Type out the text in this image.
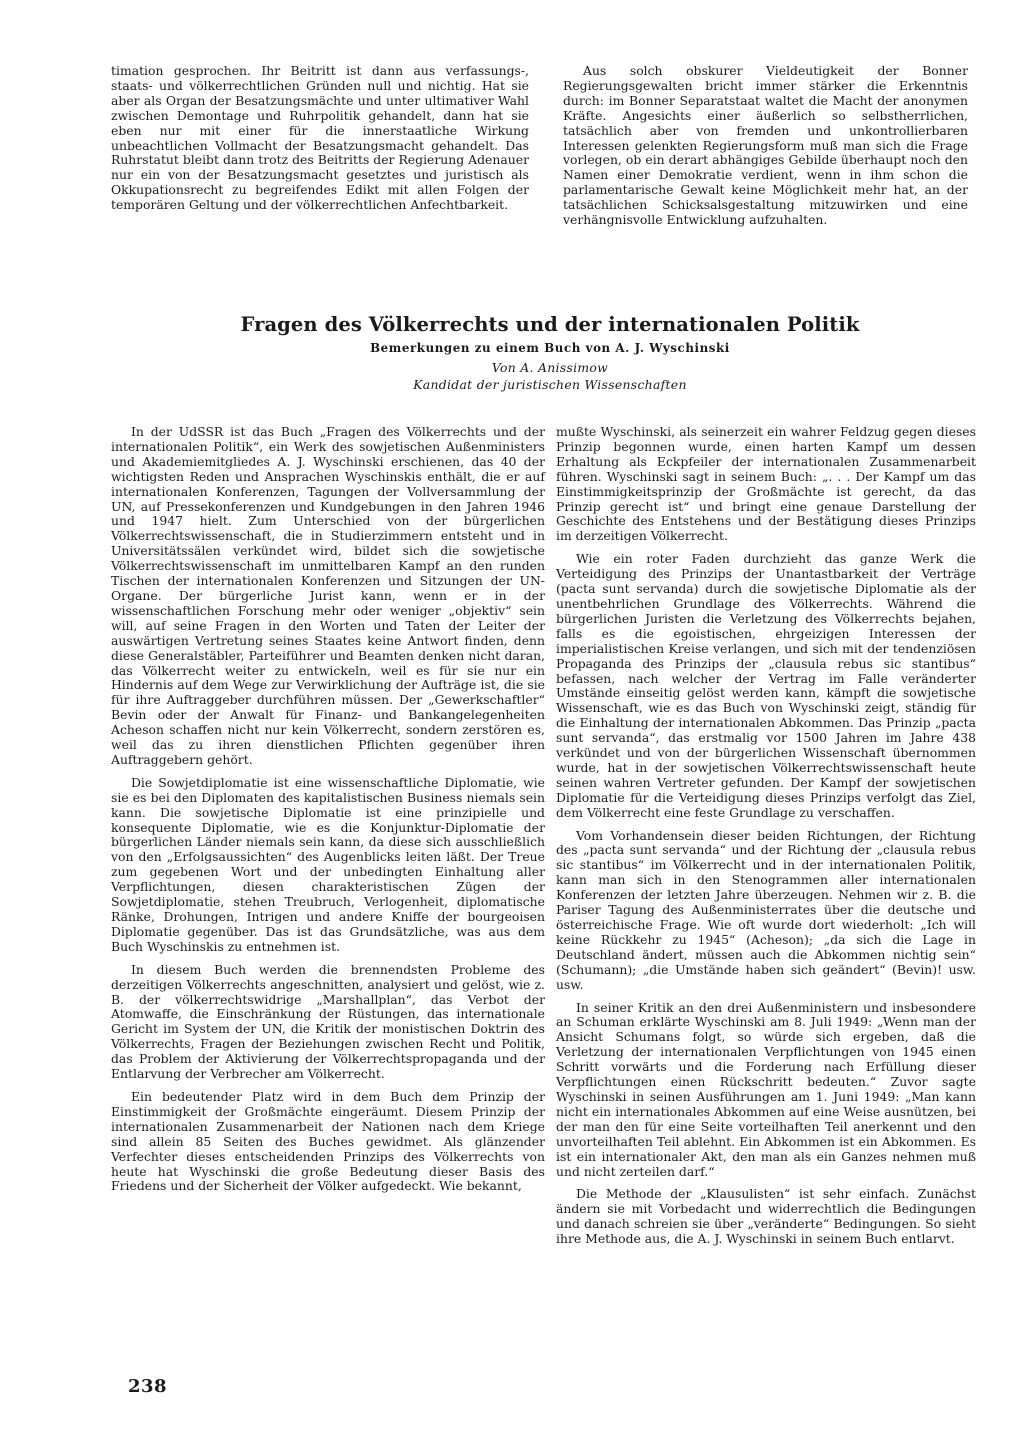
timation gesprochen. Ihr Beitritt ist dann aus verfassungs-, staats- und völkerrechtlichen Gründen null und nichtig. Hat sie aber als Organ der Besatzungsmächte und unter ultimativer Wahl zwischen Demontage und Ruhrpolitik gehandelt, dann hat sie eben nur mit einer für die innerstaatliche Wirkung unbeachtlichen Vollmacht der Besatzungsmacht gehandelt. Das Ruhrstatut bleibt dann trotz des Beitritts der Regierung Adenauer nur ein von der Besatzungsmacht gesetztes und juristisch als Okkupationsrecht zu begreifendes Edikt mit allen Folgen der temporären Geltung und der völkerrechtlichen Anfechtbarkeit.

Aus solch obskurer Vieldeutigkeit der Bonner Regierungsgewalten bricht immer stärker die Erkenntnis durch: im Bonner Separatstaat waltet die Macht der anonymen Kräfte. Angesichts einer äußerlich so selbstherrlichen, tatsächlich aber von fremden und unkontrollierbaren Interessen gelenkten Regierungsform muß man sich die Frage vorlegen, ob ein derart abhängiges Gebilde überhaupt noch den Namen einer Demokratie verdient, wenn in ihm schon die parlamentarische Gewalt keine Möglichkeit mehr hat, an der tatsächlichen Schicksalsgestaltung mitzuwirken und eine verhängnisvolle Entwicklung aufzuhalten.

Fragen des Völkerrechts und der internationalen Politik
Bemerkungen zu einem Buch von A. J. Wyschinski
Von A. Anissimow
Kandidat der juristischen Wissenschaften

In der UdSSR ist das Buch „Fragen des Völkerrechts und der internationalen Politik“, ein Werk des sowjetischen Außenministers und Akademiemitgliedes A. J. Wyschinski erschienen, das 40 der wichtigsten Reden und Ansprachen Wyschinskis enthält, die er auf internationalen Konferenzen, Tagungen der Vollversammlung der UN, auf Pressekonferenzen und Kundgebungen in den Jahren 1946 und 1947 hielt. Zum Unterschied von der bürgerlichen Völkerrechtswissenschaft, die in Studierzimmern entsteht und in Universitätssälen verkündet wird, bildet sich die sowjetische Völkerrechtswissenschaft im unmittelbaren Kampf an den runden Tischen der internationalen Konferenzen und Sitzungen der UN-Organe. Der bürgerliche Jurist kann, wenn er in der wissenschaftlichen Forschung mehr oder weniger „objektiv“ sein will, auf seine Fragen in den Worten und Taten der Leiter der auswärtigen Vertretung seines Staates keine Antwort finden, denn diese Generalstäbler, Parteiführer und Beamten denken nicht daran, das Völkerrecht weiter zu entwickeln, weil es für sie nur ein Hindernis auf dem Wege zur Verwirklichung der Aufträge ist, die sie für ihre Auftraggeber durchführen müssen. Der „Gewerkschaftler“ Bevin oder der Anwalt für Finanz- und Bankangelegenheiten Acheson schaffen nicht nur kein Völkerrecht, sondern zerstören es, weil das zu ihren dienstlichen Pflichten gegenüber ihren Auftraggebern gehört.

Die Sowjetdiplomatie ist eine wissenschaftliche Diplomatie, wie sie es bei den Diplomaten des kapitalistischen Business niemals sein kann. Die sowjetische Diplomatie ist eine prinzipielle und konsequente Diplomatie, wie es die Konjunktur-Diplomatie der bürgerlichen Länder niemals sein kann, da diese sich ausschließlich von den „Erfolgsaussichten“ des Augenblicks leiten läßt. Der Treue zum gegebenen Wort und der unbedingten Einhaltung aller Verpflichtungen, diesen charakteristischen Zügen der Sowjetdiplomatie, stehen Treubruch, Verlogenheit, diplomatische Ränke, Drohungen, Intrigen und andere Kniffe der bourgeoisen Diplomatie gegenüber. Das ist das Grundsätzliche, was aus dem Buch Wyschinskis zu entnehmen ist.

In diesem Buch werden die brennendsten Probleme des derzeitigen Völkerrechts angeschnitten, analysiert und gelöst, wie z. B. der völkerrechtswidrige „Marshallplan“, das Verbot der Atomwaffe, die Einschränkung der Rüstungen, das internationale Gericht im System der UN, die Kritik der monistischen Doktrin des Völkerrechts, Fragen der Beziehungen zwischen Recht und Politik, das Problem der Aktivierung der Völkerrechtspropaganda und der Entlarvung der Verbrecher am Völkerrecht.

Ein bedeutender Platz wird in dem Buch dem Prinzip der Einstimmigkeit der Großmächte eingeräumt. Diesem Prinzip der internationalen Zusammenarbeit der Nationen nach dem Kriege sind allein 85 Seiten des Buches gewidmet. Als glänzender Verfechter dieses entscheidenden Prinzips des Völkerrechts von heute hat Wyschinski die große Bedeutung dieser Basis des Friedens und der Sicherheit der Völker aufgedeckt. Wie bekannt,

mußte Wyschinski, als seinerzeit ein wahrer Feldzug gegen dieses Prinzip begonnen wurde, einen harten Kampf um dessen Erhaltung als Eckpfeiler der internationalen Zusammenarbeit führen. Wyschinski sagt in seinem Buch: „. . . Der Kampf um das Einstimmigkeitsprinzip der Großmächte ist gerecht, da das Prinzip gerecht ist“ und bringt eine genaue Darstellung der Geschichte des Entstehens und der Bestätigung dieses Prinzips im derzeitigen Völkerrecht.

Wie ein roter Faden durchzieht das ganze Werk die Verteidigung des Prinzips der Unantastbarkeit der Verträge (pacta sunt servanda) durch die sowjetische Diplomatie als der unentbehrlichen Grundlage des Völkerrechts. Während die bürgerlichen Juristen die Verletzung des Völkerrechts bejahen, falls es die egoistischen, ehrgeizigen Interessen der imperialistischen Kreise verlangen, und sich mit der tendenziösen Propaganda des Prinzips der „clausula rebus sic stantibus“ befassen, nach welcher der Vertrag im Falle veränderter Umstände einseitig gelöst werden kann, kämpft die sowjetische Wissenschaft, wie es das Buch von Wyschinski zeigt, ständig für die Einhaltung der internationalen Abkommen. Das Prinzip „pacta sunt servanda“, das erstmalig vor 1500 Jahren im Jahre 438 verkündet und von der bürgerlichen Wissenschaft übernommen wurde, hat in der sowjetischen Völkerrechtswissenschaft heute seinen wahren Vertreter gefunden. Der Kampf der sowjetischen Diplomatie für die Verteidigung dieses Prinzips verfolgt das Ziel, dem Völkerrecht eine feste Grundlage zu verschaffen.

Vom Vorhandensein dieser beiden Richtungen, der Richtung des „pacta sunt servanda“ und der Richtung der „clausula rebus sic stantibus“ im Völkerrecht und in der internationalen Politik, kann man sich in den Stenogrammen aller internationalen Konferenzen der letzten Jahre überzeugen. Nehmen wir z. B. die Pariser Tagung des Außenministerrates über die deutsche und österreichische Frage. Wie oft wurde dort wiederholt: „Ich will keine Rückkehr zu 1945“ (Acheson); „da sich die Lage in Deutschland ändert, müssen auch die Abkommen nichtig sein“ (Schumann); „die Umstände haben sich geändert“ (Bevin)! usw. usw.

In seiner Kritik an den drei Außenministern und insbesondere an Schuman erklärte Wyschinski am 8. Juli 1949: „Wenn man der Ansicht Schumans folgt, so würde sich ergeben, daß die Verletzung der internationalen Verpflichtungen von 1945 einen Schritt vorwärts und die Forderung nach Erfüllung dieser Verpflichtungen einen Rückschritt bedeuten.“ Zuvor sagte Wyschinski in seinen Ausführungen am 1. Juni 1949: „Man kann nicht ein internationales Abkommen auf eine Weise ausnützen, bei der man den für eine Seite vorteilhaften Teil anerkennt und den unvorteilhaften Teil ablehnt. Ein Abkommen ist ein Abkommen. Es ist ein internationaler Akt, den man als ein Ganzes nehmen muß und nicht zerteilen darf.“

Die Methode der „Klausulisten“ ist sehr einfach. Zunächst ändern sie mit Vorbedacht und widerrechtlich die Bedingungen und danach schreien sie über „veränderte“ Bedingungen. So sieht ihre Methode aus, die A. J. Wyschinski in seinem Buch entlarvt.

238
